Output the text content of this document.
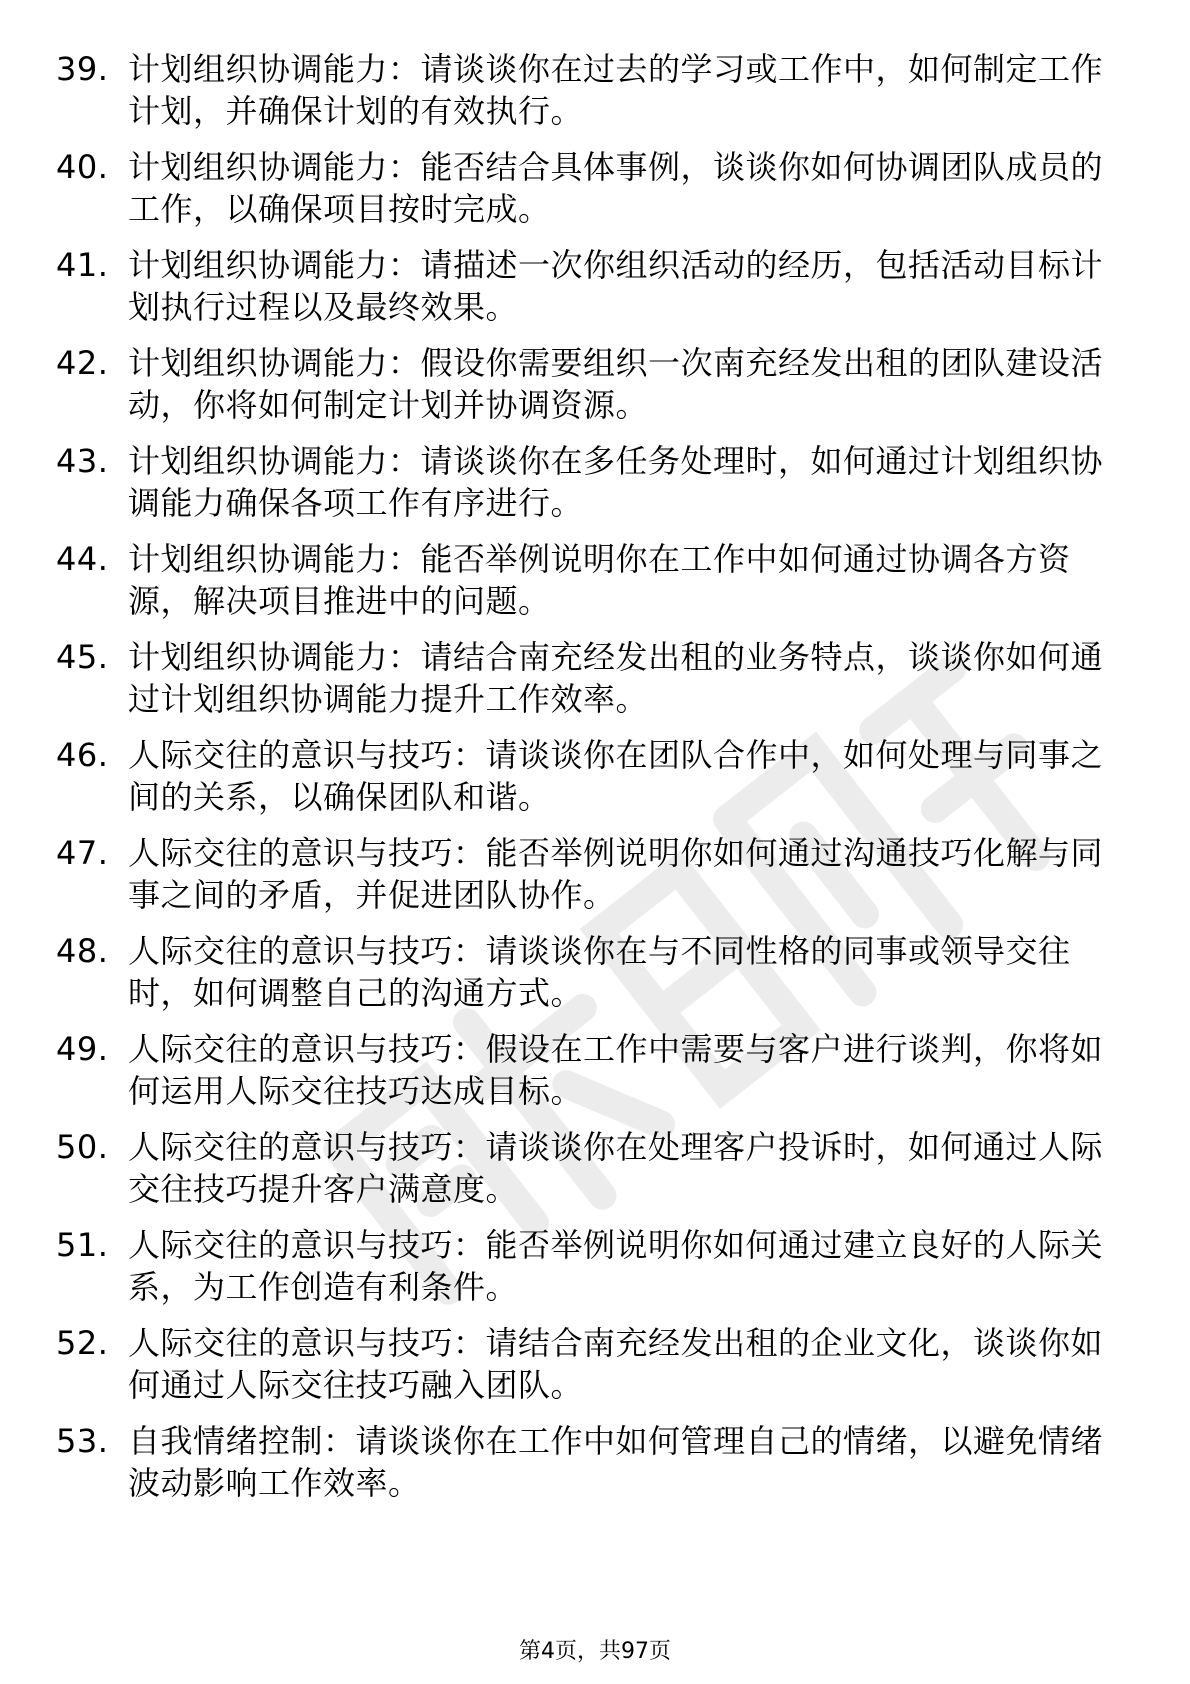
39. 计划组织协调能力：请谈谈你在过去的学习或工作中，如何制定工作计划，并确保计划的有效执行。
40. 计划组织协调能力：能否结合具体事例，谈谈你如何协调团队成员的工作，以确保项目按时完成。
41. 计划组织协调能力：请描述一次你组织活动的经历，包括活动目标计划执行过程以及最终效果。
42. 计划组织协调能力：假设你需要组织一次南充经发出租的团队建设活动，你将如何制定计划并协调资源。
43. 计划组织协调能力：请谈谈你在多任务处理时，如何通过计划组织协调能力确保各项工作有序进行。
44. 计划组织协调能力：能否举例说明你在工作中如何通过协调各方资源，解决项目推进中的问题。
45. 计划组织协调能力：请结合南充经发出租的业务特点，谈谈你如何通过计划组织协调能力提升工作效率。
46. 人际交往的意识与技巧：请谈谈你在团队合作中，如何处理与同事之间的关系，以确保团队和谐。
47. 人际交往的意识与技巧：能否举例说明你如何通过沟通技巧化解与同事之间的矛盾，并促进团队协作。
48. 人际交往的意识与技巧：请谈谈你在与不同性格的同事或领导交往时，如何调整自己的沟通方式。
49. 人际交往的意识与技巧：假设在工作中需要与客户进行谈判，你将如何运用人际交往技巧达成目标。
50. 人际交往的意识与技巧：请谈谈你在处理客户投诉时，如何通过人际交往技巧提升客户满意度。
51. 人际交往的意识与技巧：能否举例说明你如何通过建立良好的人际关系，为工作创造有利条件。
52. 人际交往的意识与技巧：请结合南充经发出租的企业文化，谈谈你如何通过人际交往技巧融入团队。
53. 自我情绪控制：请谈谈你在工作中如何管理自己的情绪，以避免情绪波动影响工作效率。
第4页，共97页
